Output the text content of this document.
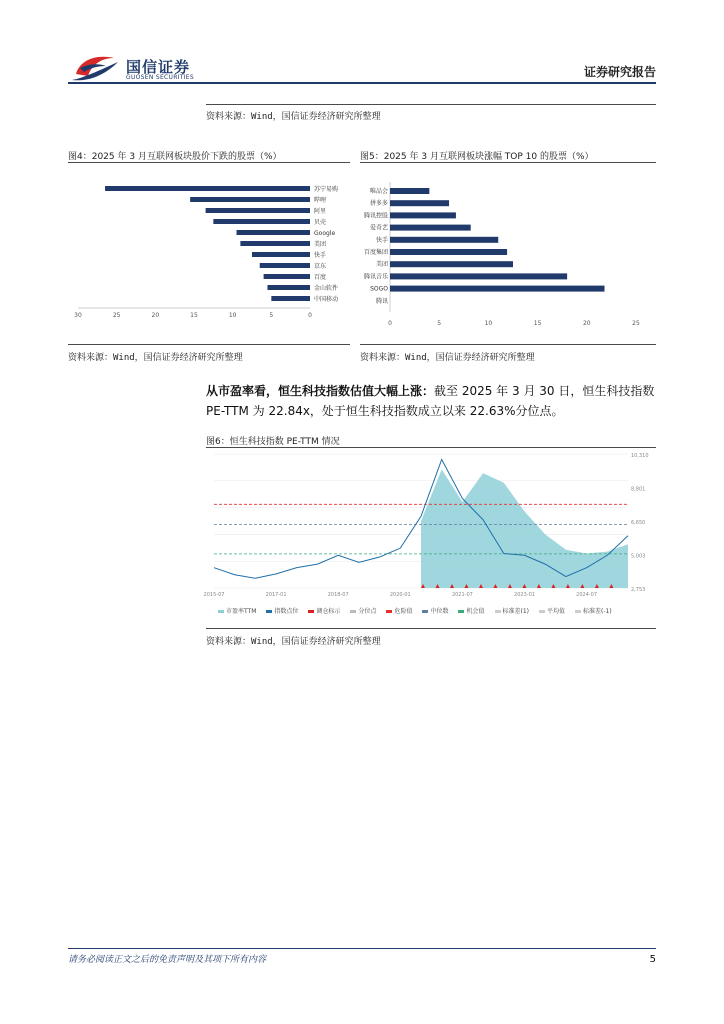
国信证券
GUOSEN SECURITIES	证券研究报告
资料来源：Wind，国信证券经济研究所整理
图4：2025 年 3 月互联网板块股价下跌的股票（%）
苏宁易购
哔哩
阿里
贝壳
Google
美团
快手
京东
百度
金山软件
中国移动
30	25	20	15	10	5	0
资料来源：Wind，国信证券经济研究所整理
图5：2025 年 3 月互联网板块涨幅 TOP 10 的股票（%）
唯品会
拼多多
腾讯控股
爱奇艺
快手
百度集团
美团
腾讯音乐
SOGO
腾讯
0	5	10	15	20	25
资料来源：Wind，国信证券经济研究所整理
从市盈率看，恒生科技指数估值大幅上涨：截至 2025 年 3 月 30 日，恒生科技指数 PE-TTM 为 22.84x，处于恒生科技指数成立以来 22.63%分位点。
图6：恒生科技指数 PE-TTM 情况
10,310
8,801
6,650
5,003
2,753
2015-07	2017-01	2018-07	2020-01	2021-07	2023-01	2024-07
市盈率TTM	指数点位	调仓标示	分位点	危险值	中位数	机会值	标准差(1)	平均值	标准差(-1)
资料来源：Wind，国信证券经济研究所整理
请务必阅读正文之后的免责声明及其项下所有内容	5
